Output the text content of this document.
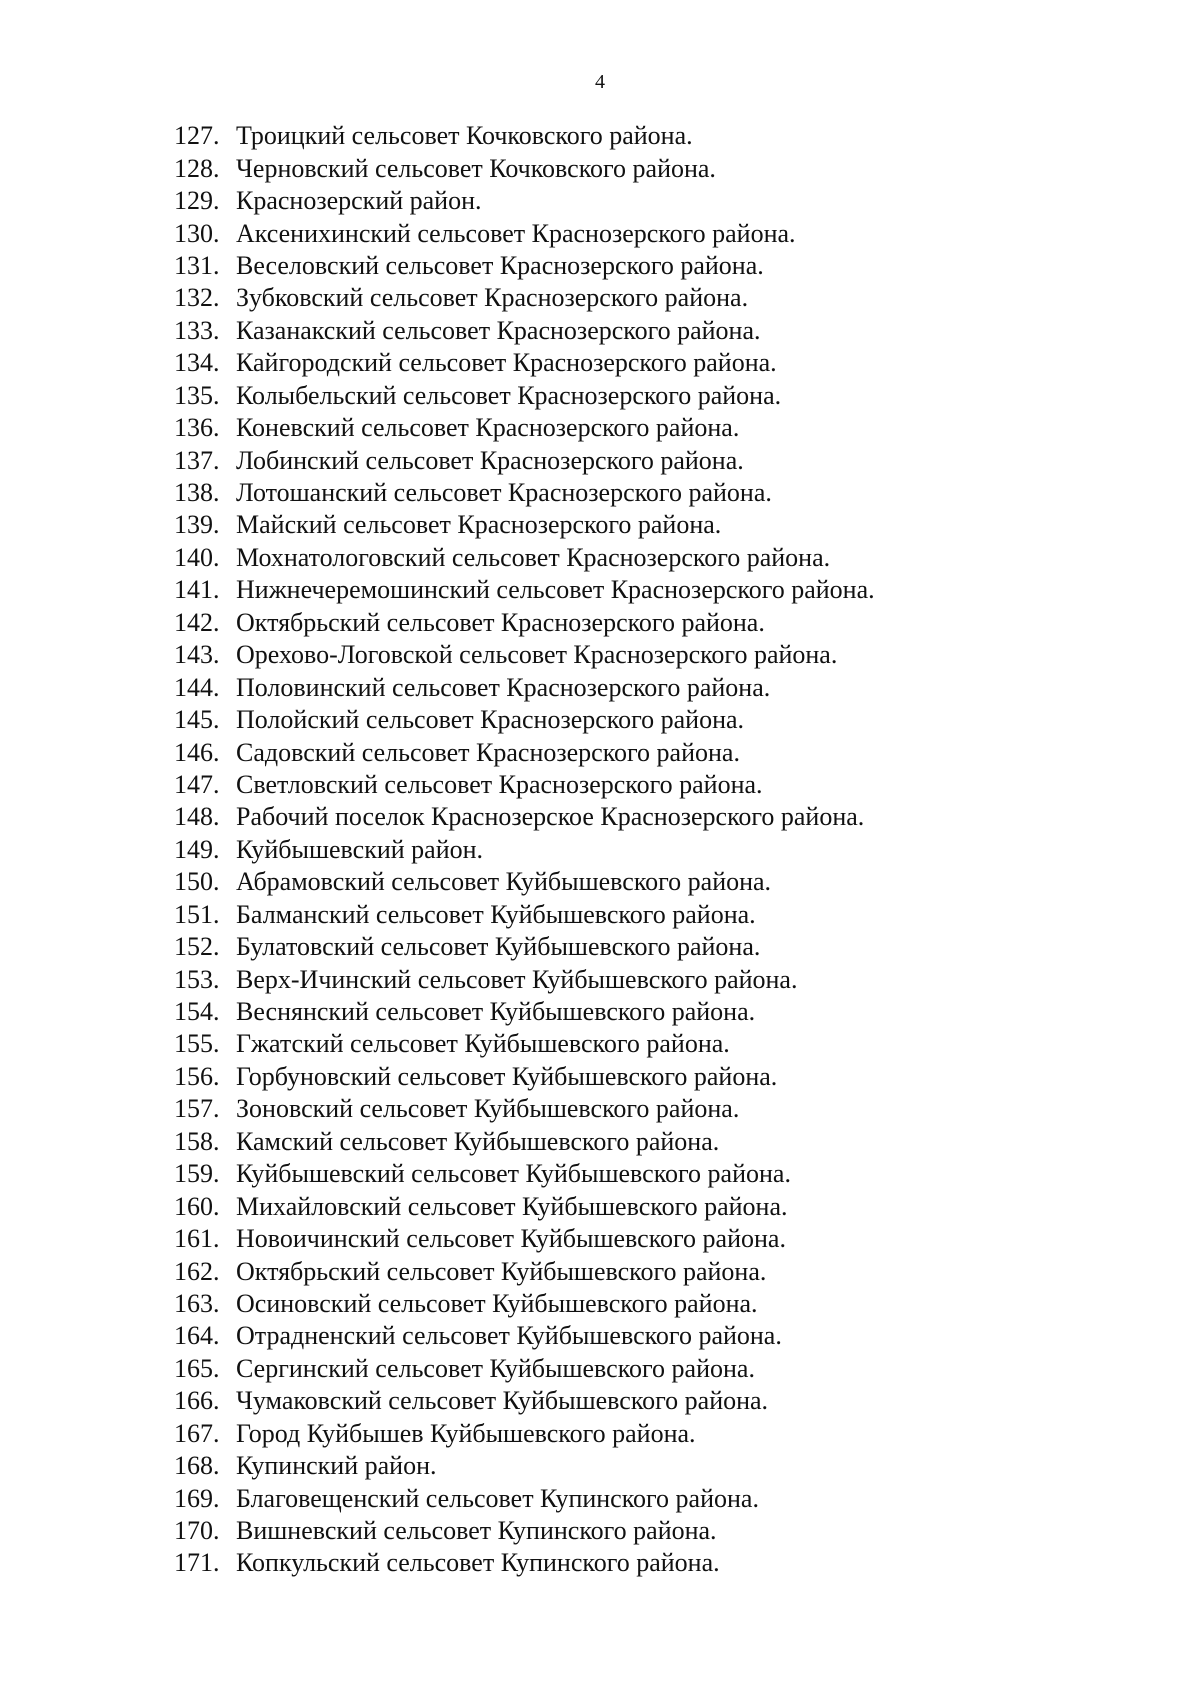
4
127. Троицкий сельсовет Кочковского района.
128. Черновский сельсовет Кочковского района.
129. Краснозерский район.
130. Аксенихинский сельсовет Краснозерского района.
131. Веселовский сельсовет Краснозерского района.
132. Зубковский сельсовет Краснозерского района.
133. Казанакский сельсовет Краснозерского района.
134. Кайгородский сельсовет Краснозерского района.
135. Колыбельский сельсовет Краснозерского района.
136. Коневский сельсовет Краснозерского района.
137. Лобинский сельсовет Краснозерского района.
138. Лотошанский сельсовет Краснозерского района.
139. Майский сельсовет Краснозерского района.
140. Мохнатологовский сельсовет Краснозерского района.
141. Нижнечеремошинский сельсовет Краснозерского района.
142. Октябрьский сельсовет Краснозерского района.
143. Орехово-Логовской сельсовет Краснозерского района.
144. Половинский сельсовет Краснозерского района.
145. Полойский сельсовет Краснозерского района.
146. Садовский сельсовет Краснозерского района.
147. Светловский сельсовет Краснозерского района.
148. Рабочий поселок Краснозерское Краснозерского района.
149. Куйбышевский район.
150. Абрамовский сельсовет Куйбышевского района.
151. Балманский сельсовет Куйбышевского района.
152. Булатовский сельсовет Куйбышевского района.
153. Верх-Ичинский сельсовет Куйбышевского района.
154. Веснянский сельсовет Куйбышевского района.
155. Гжатский сельсовет Куйбышевского района.
156. Горбуновский сельсовет Куйбышевского района.
157. Зоновский сельсовет Куйбышевского района.
158. Камский сельсовет Куйбышевского района.
159. Куйбышевский сельсовет Куйбышевского района.
160. Михайловский сельсовет Куйбышевского района.
161. Новоичинский сельсовет Куйбышевского района.
162. Октябрьский сельсовет Куйбышевского района.
163. Осиновский сельсовет Куйбышевского района.
164. Отрадненский сельсовет Куйбышевского района.
165. Сергинский сельсовет Куйбышевского района.
166. Чумаковский сельсовет Куйбышевского района.
167. Город Куйбышев Куйбышевского района.
168. Купинский район.
169. Благовещенский сельсовет Купинского района.
170. Вишневский сельсовет Купинского района.
171. Копкульский сельсовет Купинского района.
